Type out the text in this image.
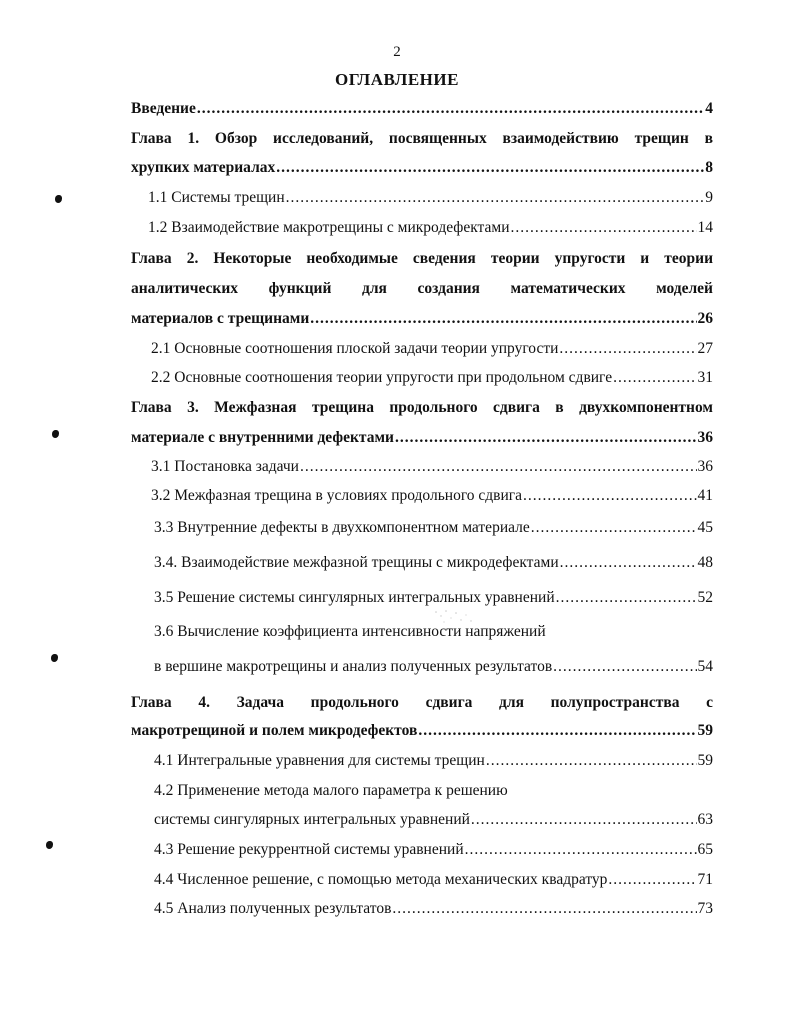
2
ОГЛАВЛЕНИЕ
Введение .....	4
Глава 1. Обзор исследований, посвященных взаимодействию трещин в
хрупких материалах .....	8
1.1 Системы трещин .....	9
1.2 Взаимодействие макротрещины с микродефектами .....	14
Глава 2. Некоторые необходимые сведения теории упругости и теории
аналитических функций для создания математических моделей
материалов с трещинами .....	26
2.1 Основные соотношения плоской задачи теории упругости .....	27
2.2 Основные соотношения теории упругости при продольном сдвиге .....	31
Глава 3. Межфазная трещина продольного сдвига в двухкомпонентном
материале с внутренними дефектами .....	36
3.1 Постановка задачи .....	36
3.2 Межфазная трещина в условиях продольного сдвига .....	41
3.3 Внутренние дефекты в двухкомпонентном материале .....	45
3.4. Взаимодействие межфазной трещины с микродефектами .....	48
3.5 Решение системы сингулярных интегральных уравнений .....	52
3.6 Вычисление коэффициента интенсивности напряжений
в вершине макротрещины и анализ полученных результатов .....	54
Глава 4. Задача продольного сдвига для полупространства с
макротрещиной и полем микродефектов .....	59
4.1 Интегральные уравнения для системы трещин .....	59
4.2 Применение метода малого параметра к решению
системы сингулярных интегральных уравнений .....	63
4.3 Решение рекуррентной системы уравнений .....	65
4.4 Численное решение, с помощью метода механических квадратур .....	71
4.5 Анализ полученных результатов .....	73
